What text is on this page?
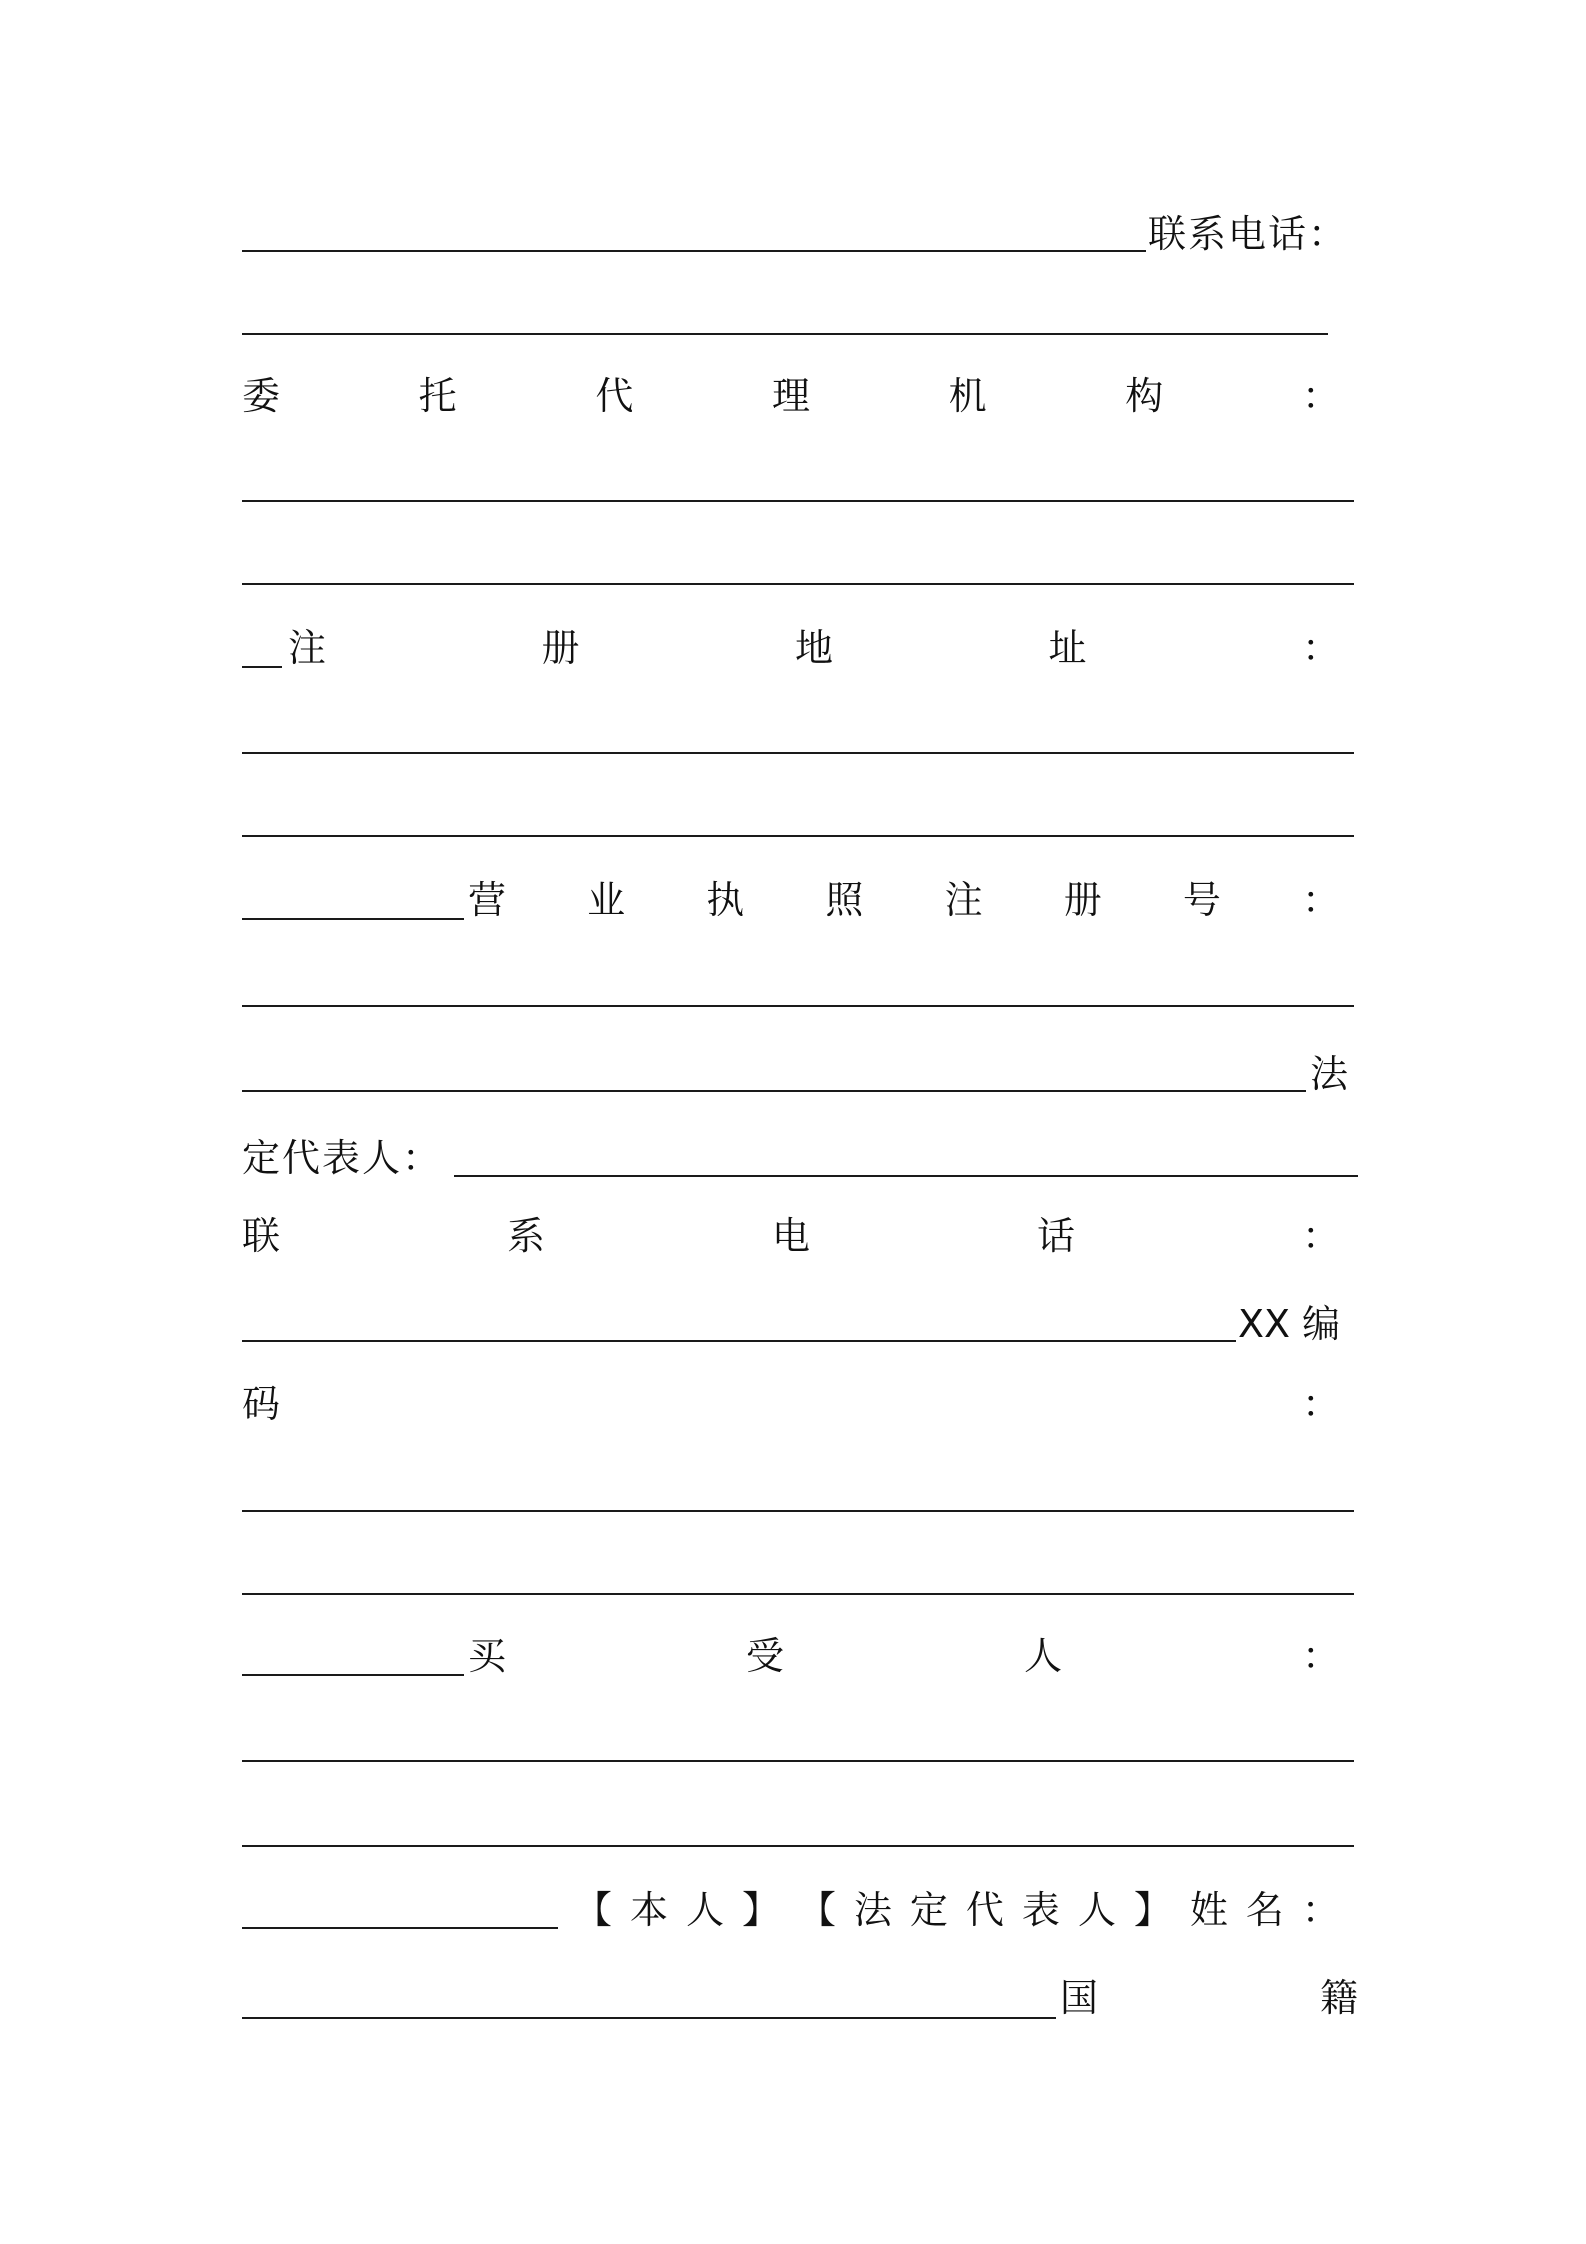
联系电话：
委	托	代	理	机	构	：
注	册	地	址	：
营 业 执 照 注 册 号 ：
法
定代表人：
联	系	电	话	：
XX 编
码	：
买	受	人	：
【 本 人 】 【 法 定 代 表 人 】 姓 名 ：
国	籍
